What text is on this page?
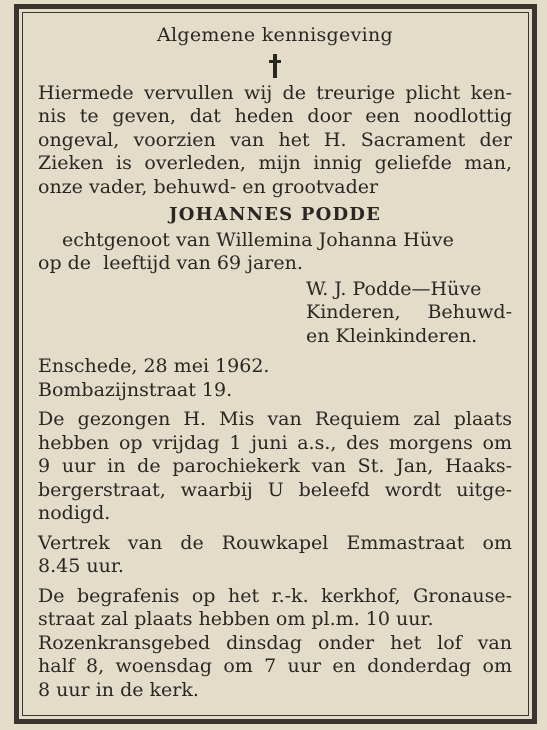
Algemene kennisgeving
Hiermede vervullen wij de treurige plicht ken-
nis te geven, dat heden door een noodlottig
ongeval, voorzien van het H. Sacrament der
Zieken is overleden, mijn innig geliefde man,
onze vader, behuwd- en grootvader
JOHANNES PODDE
echtgenoot van Willemina Johanna Hüve
op de  leeftijd van 69 jaren.
W. J. Podde—Hüve
Kinderen, Behuwd-
en Kleinkinderen.
Enschede, 28 mei 1962.
Bombazijnstraat 19.
De gezongen H. Mis van Requiem zal plaats
hebben op vrijdag 1 juni a.s., des morgens om
9 uur in de parochiekerk van St. Jan, Haaks-
bergerstraat, waarbij U beleefd wordt uitge-
nodigd.
Vertrek van de Rouwkapel Emmastraat om
8.45 uur.
De begrafenis op het r.-k. kerkhof, Gronause-
straat zal plaats hebben om pl.m. 10 uur.
Rozenkransgebed dinsdag onder het lof van
half 8, woensdag om 7 uur en donderdag om
8 uur in de kerk.
